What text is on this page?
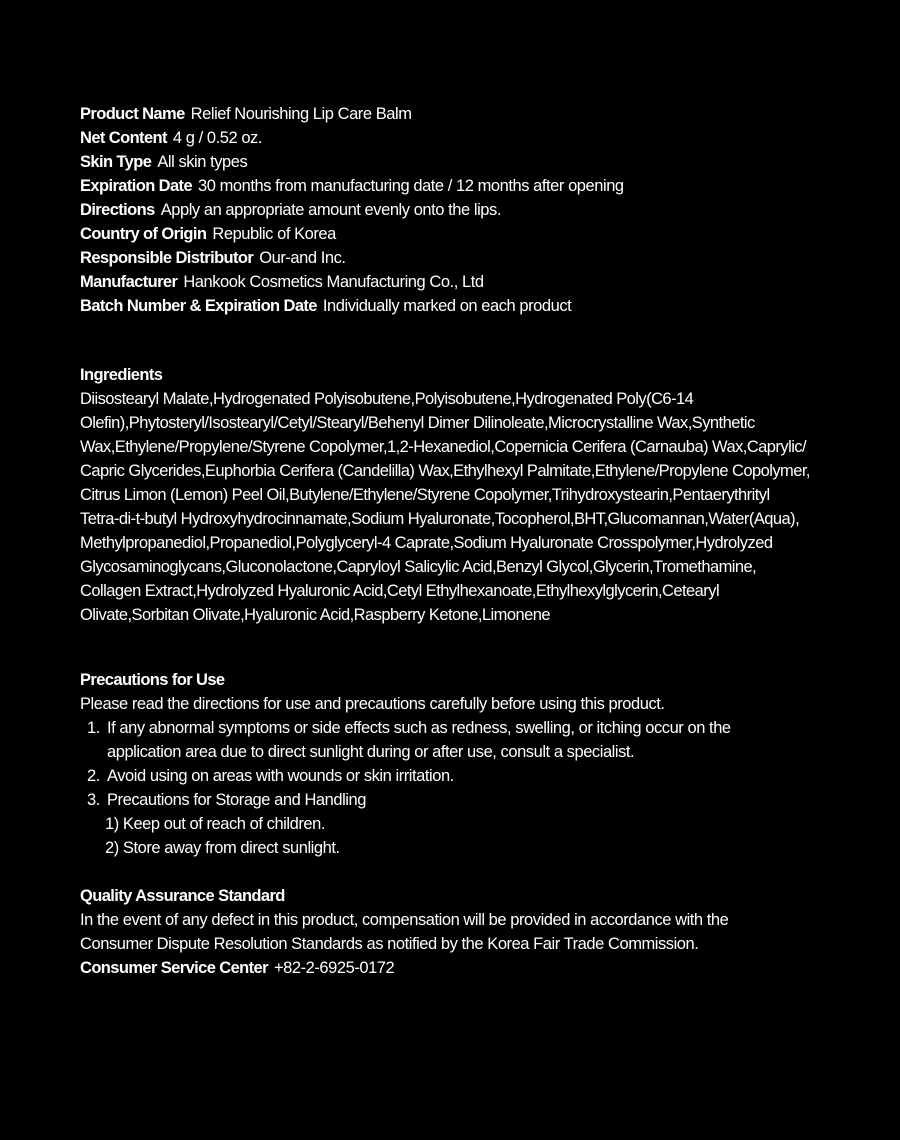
Product Name Relief Nourishing Lip Care Balm
Net Content 4 g / 0.52 oz.
Skin Type All skin types
Expiration Date 30 months from manufacturing date / 12 months after opening
Directions Apply an appropriate amount evenly onto the lips.
Country of Origin Republic of Korea
Responsible Distributor Our-and Inc.
Manufacturer Hankook Cosmetics Manufacturing Co., Ltd
Batch Number & Expiration Date Individually marked on each product
Ingredients
Diisostearyl Malate,Hydrogenated Polyisobutene,Polyisobutene,Hydrogenated Poly(C6-14
Olefin),Phytosteryl/Isostearyl/Cetyl/Stearyl/Behenyl Dimer Dilinoleate,Microcrystalline Wax,Synthetic
Wax,Ethylene/Propylene/Styrene Copolymer,1,2-Hexanediol,Copernicia Cerifera (Carnauba) Wax,Caprylic/
Capric Glycerides,Euphorbia Cerifera (Candelilla) Wax,Ethylhexyl Palmitate,Ethylene/Propylene Copolymer,
Citrus Limon (Lemon) Peel Oil,Butylene/Ethylene/Styrene Copolymer,Trihydroxystearin,Pentaerythrityl
Tetra-di-t-butyl Hydroxyhydrocinnamate,Sodium Hyaluronate,Tocopherol,BHT,Glucomannan,Water(Aqua),
Methylpropanediol,Propanediol,Polyglyceryl-4 Caprate,Sodium Hyaluronate Crosspolymer,Hydrolyzed
Glycosaminoglycans,Gluconolactone,Capryloyl Salicylic Acid,Benzyl Glycol,Glycerin,Tromethamine,
Collagen Extract,Hydrolyzed Hyaluronic Acid,Cetyl Ethylhexanoate,Ethylhexylglycerin,Cetearyl
Olivate,Sorbitan Olivate,Hyaluronic Acid,Raspberry Ketone,Limonene
Precautions for Use
Please read the directions for use and precautions carefully before using this product.
1. If any abnormal symptoms or side effects such as redness, swelling, or itching occur on the
application area due to direct sunlight during or after use, consult a specialist.
2. Avoid using on areas with wounds or skin irritation.
3. Precautions for Storage and Handling
1) Keep out of reach of children.
2) Store away from direct sunlight.
Quality Assurance Standard
In the event of any defect in this product, compensation will be provided in accordance with the
Consumer Dispute Resolution Standards as notified by the Korea Fair Trade Commission.
Consumer Service Center +82-2-6925-0172
